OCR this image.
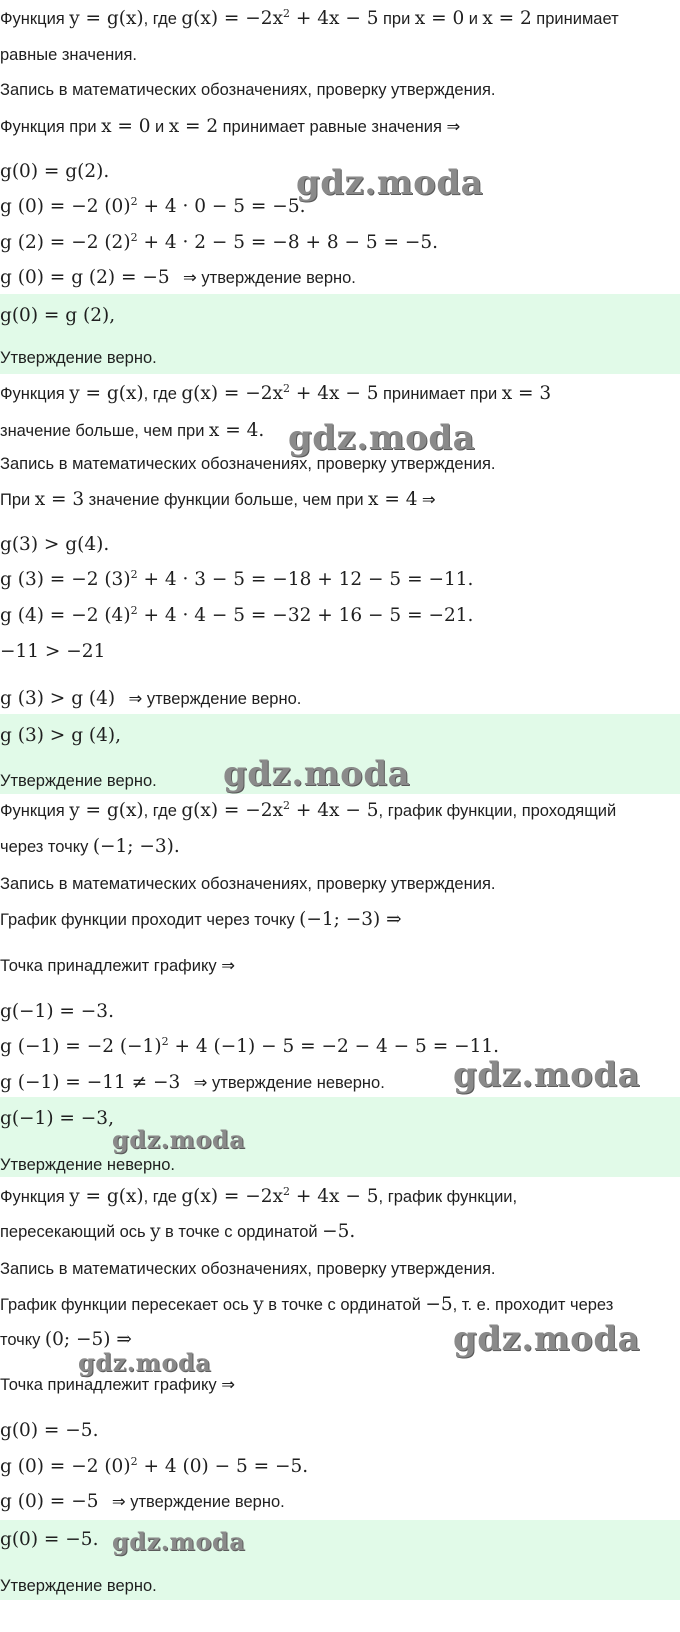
Функция y = g(x), где $g(x) = -2x^2 + 4x - 5$ при x = 0 и x = 2 принимает
равные значения.
Запись в математических обозначениях, проверку утверждения.
Функция при x = 0 и x = 2 принимает равные значения ⇒
g(0) = g(2).
g (0) = −2 $(0)^2 + 4 \cdot 0 - 5 = -5$.
g (2) = −2 $(2)^2 + 4 \cdot 2 - 5 = -8 + 8 - 5 = -5$.
g (0) = g (2) = −5 ⇒ утверждение верно.
g(0) = g (2),
Утверждение верно.
Функция y = g(x), где $g(x) = -2x^2 + 4x - 5$ принимает при x = 3
значение больше, чем при x = 4.
Запись в математических обозначениях, проверку утверждения.
При x = 3 значение функции больше, чем при x = 4 ⇒
g(3) > g(4).
g (3) = −2 $(3)^2 + 4 \cdot 3 - 5 = -18 + 12 - 5 = -11$.
g (4) = −2 $(4)^2 + 4 \cdot 4 - 5 = -32 + 16 - 5 = -21$.
−11 > −21
g (3) > g (4) ⇒ утверждение верно.
g (3) > g (4),
Утверждение верно.
Функция y = g(x), где $g(x) = -2x^2 + 4x - 5$, график функции, проходящий
через точку (−1; −3).
Запись в математических обозначениях, проверку утверждения.
График функции проходит через точку (−1; −3) ⇒
Точка принадлежит графику ⇒
g(−1) = −3.
g (−1) = −2 $(-1)^2 + 4$ (−1) − 5 = −2 − 4 − 5 = −11.
g (−1) = −11 ≠ −3 ⇒ утверждение неверно.
g(−1) = −3,
Утверждение неверно.
Функция y = g(x), где $g(x) = -2x^2 + 4x - 5$, график функции,
пересекающий ось y в точке с ординатой −5.
Запись в математических обозначениях, проверку утверждения.
График функции пересекает ось y в точке с ординатой −5, т. е. проходит через
точку (0; −5) ⇒
Точка принадлежит графику ⇒
g(0) = −5.
g (0) = −2 $(0)^2 + 4$ (0) − 5 = −5.
g (0) = −5 ⇒ утверждение верно.
g(0) = −5.
Утверждение верно.
gdz.moda
gdz.moda
gdz.moda
gdz.moda
gdz.moda
gdz.moda
gdz.moda
gdz.moda
